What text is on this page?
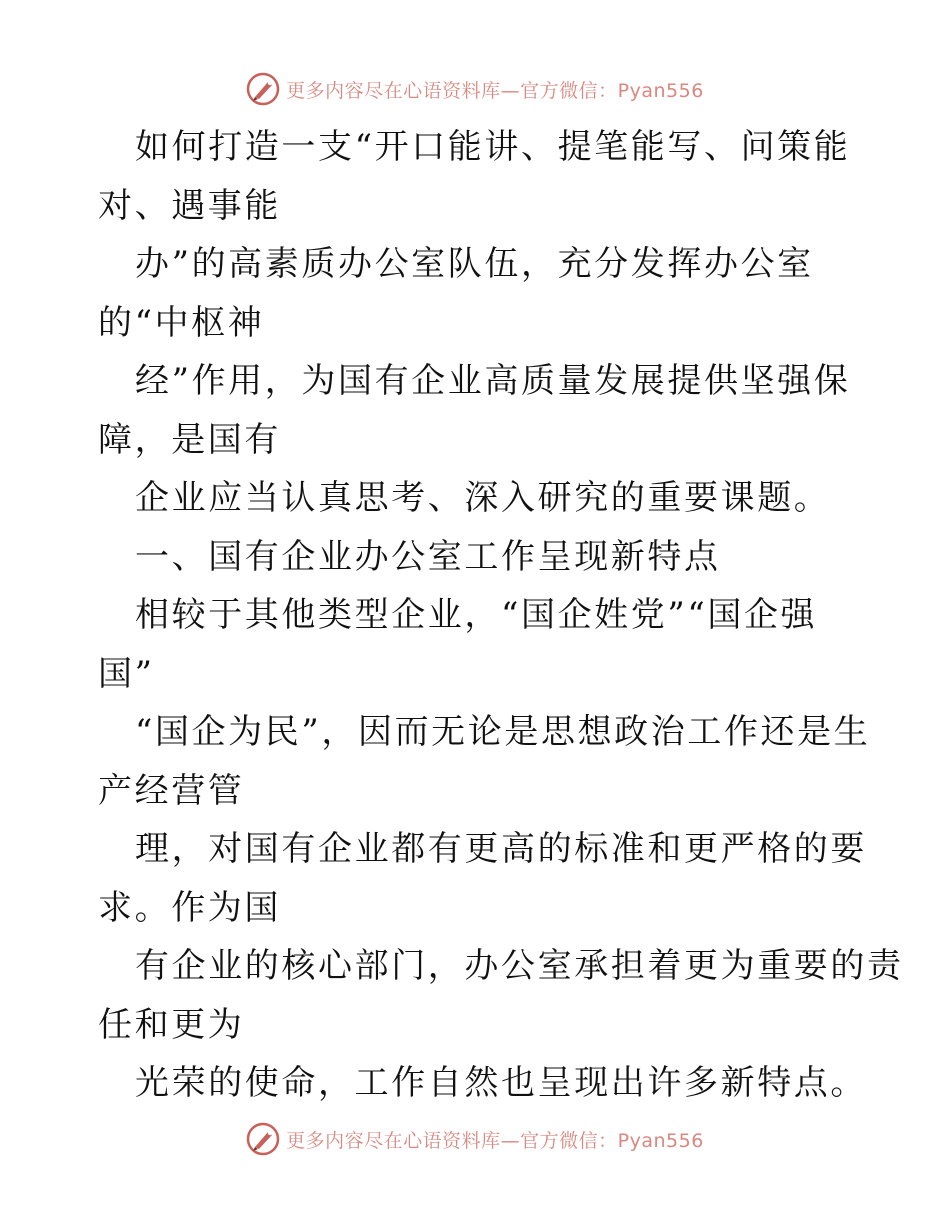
更多内容尽在心语资料库—官方微信：Pyan556
如何打造一支“开口能讲、提笔能写、问策能
对、遇事能
办”的高素质办公室队伍，充分发挥办公室
的“中枢神
经”作用，为国有企业高质量发展提供坚强保
障，是国有
企业应当认真思考、深入研究的重要课题。
一、国有企业办公室工作呈现新特点
相较于其他类型企业，“国企姓党”“国企强
国”
“国企为民”，因而无论是思想政治工作还是生
产经营管
理，对国有企业都有更高的标准和更严格的要
求。作为国
有企业的核心部门，办公室承担着更为重要的责
任和更为
光荣的使命，工作自然也呈现出许多新特点。
更多内容尽在心语资料库—官方微信：Pyan556
